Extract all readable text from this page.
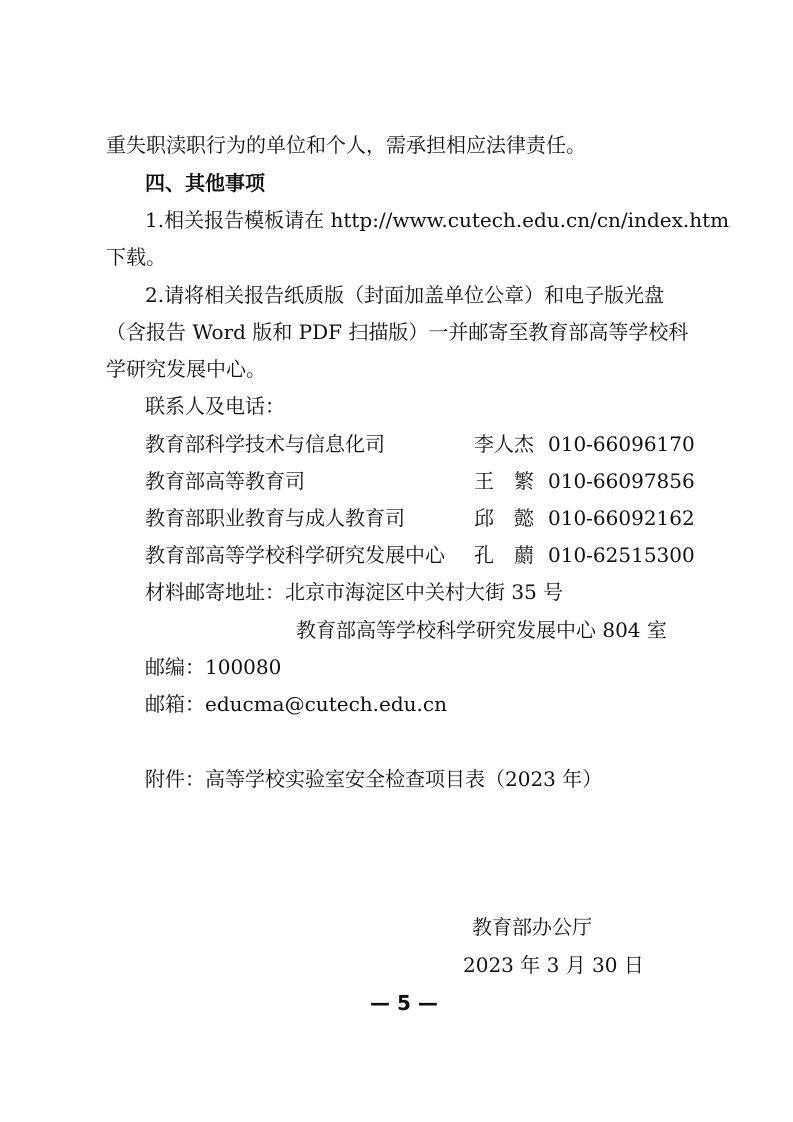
重失职渎职行为的单位和个人，需承担相应法律责任。
四、其他事项
1.相关报告模板请在 http://www.cutech.edu.cn/cn/index.htm
下载。
2.请将相关报告纸质版（封面加盖单位公章）和电子版光盘
（含报告 Word 版和 PDF 扫描版）一并邮寄至教育部高等学校科
学研究发展中心。
联系人及电话：
教育部科学技术与信息化司	李人杰 010-66096170
教育部高等教育司	王　繁 010-66097856
教育部职业教育与成人教育司	邱　懿 010-66092162
教育部高等学校科学研究发展中心 孔　蘮 010-62515300
材料邮寄地址：北京市海淀区中关村大街 35 号
教育部高等学校科学研究发展中心 804 室
邮编：100080
邮箱：educma@cutech.edu.cn
附件：高等学校实验室安全检查项目表（2023 年）
教育部办公厅
2023 年 3 月 30 日
— 5 —
